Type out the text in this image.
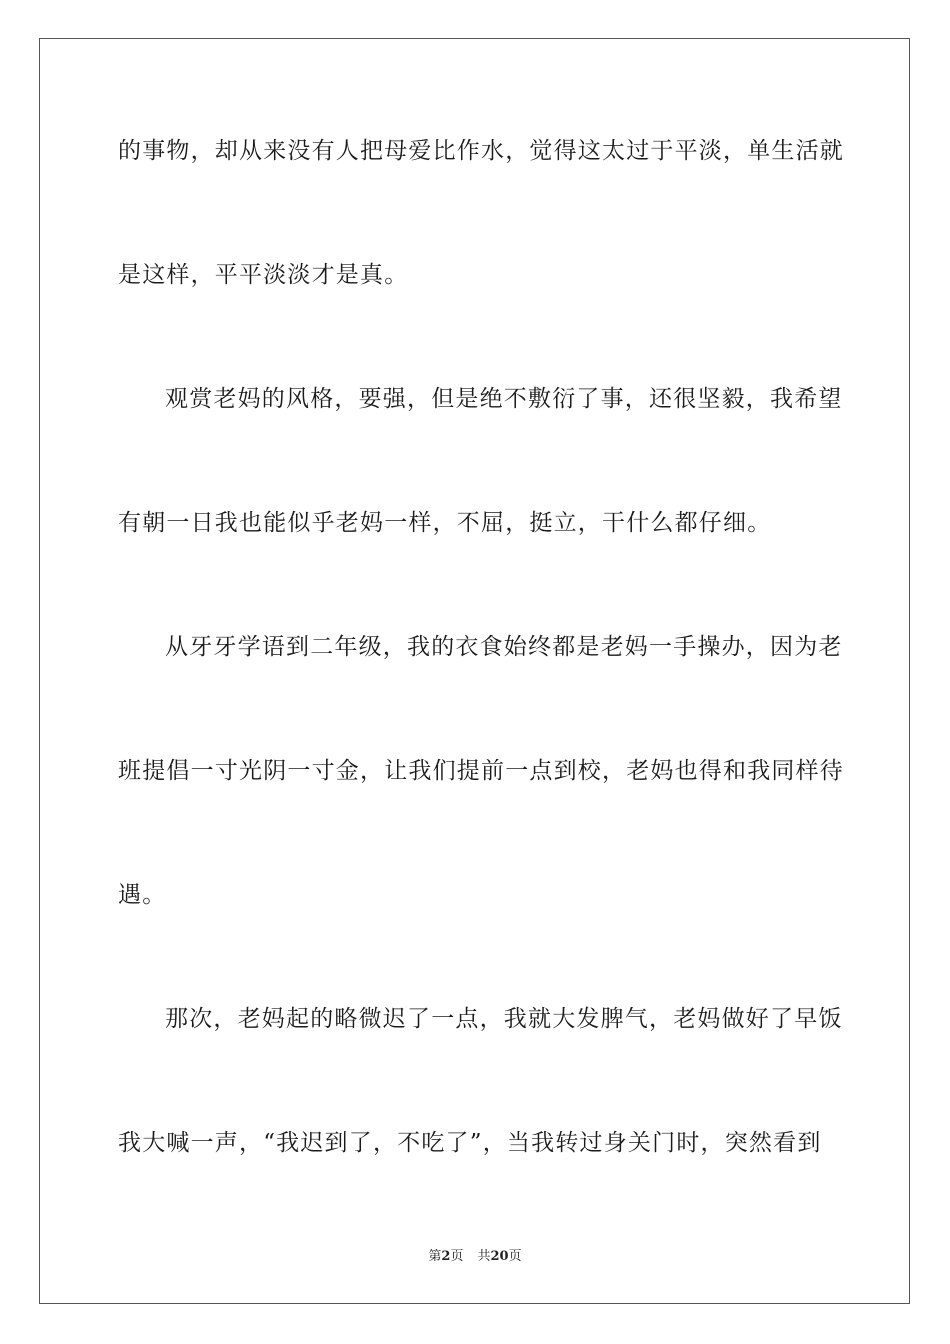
的事物，却从来没有人把母爱比作水，觉得这太过于平淡，单生活就
是这样，平平淡淡才是真。
观赏老妈的风格，要强，但是绝不敷衍了事，还很坚毅，我希望
有朝一日我也能似乎老妈一样，不屈，挺立，干什么都仔细。
从牙牙学语到二年级，我的衣食始终都是老妈一手操办，因为老
班提倡一寸光阴一寸金，让我们提前一点到校，老妈也得和我同样待
遇。
那次，老妈起的略微迟了一点，我就大发脾气，老妈做好了早饭
我大喊一声，“我迟到了，不吃了”，当我转过身关门时，突然看到
第2页 共20页
